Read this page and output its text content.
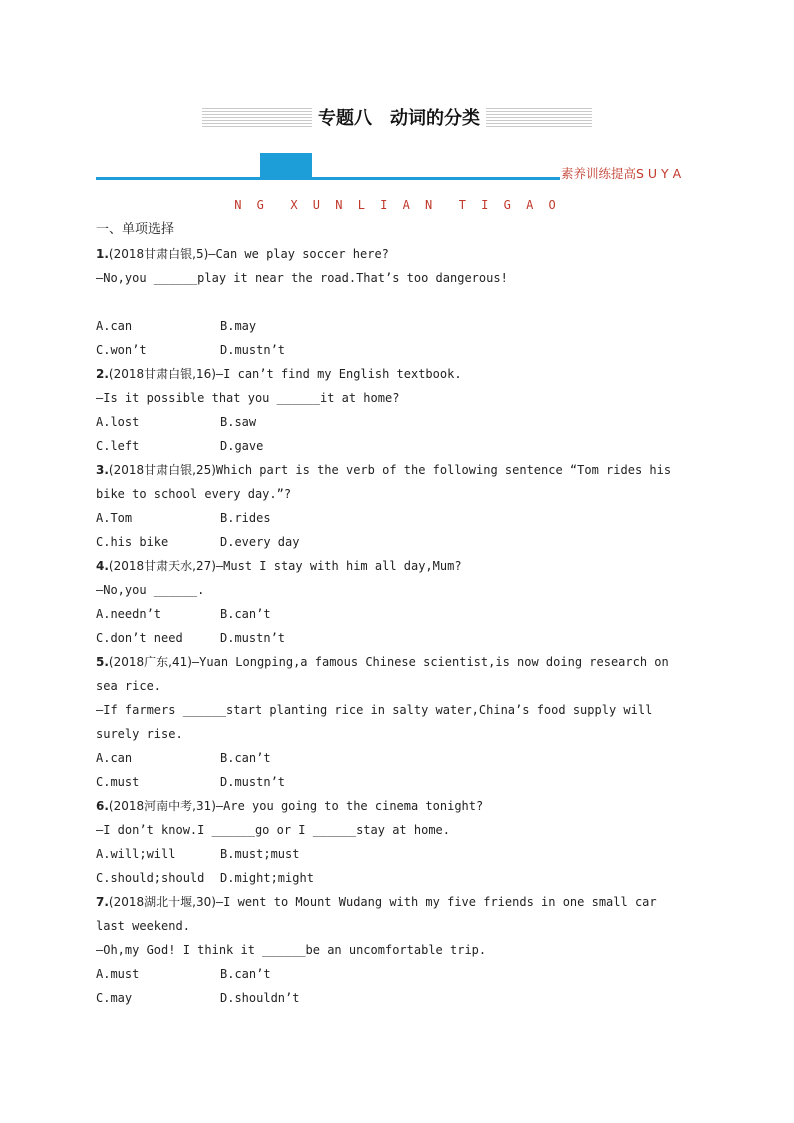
专题八　动词的分类
素养训练提高S U Y A
N G  X U N L I A N  T I G A O
一、单项选择
1.(2018甘肃白银,5)—Can we play soccer here?
—No,you ______play it near the road.That’s too dangerous!
A.can	B.may
C.won’t	D.mustn’t
2.(2018甘肃白银,16)—I can’t find my English textbook.
—Is it possible that you ______it at home?
A.lost	B.saw
C.left	D.gave
3.(2018甘肃白银,25)Which part is the verb of the following sentence “Tom rides his
bike to school every day.”?
A.Tom	B.rides
C.his bike	D.every day
4.(2018甘肃天水,27)—Must I stay with him all day,Mum?
—No,you ______.
A.needn’t	B.can’t
C.don’t need	D.mustn’t
5.(2018广东,41)—Yuan Longping,a famous Chinese scientist,is now doing research on
sea rice.
—If farmers ______start planting rice in salty water,China’s food supply will
surely rise.
A.can	B.can’t
C.must	D.mustn’t
6.(2018河南中考,31)—Are you going to the cinema tonight?
—I don’t know.I ______go or I ______stay at home.
A.will;will	B.must;must
C.should;should	D.might;might
7.(2018湖北十堰,30)—I went to Mount Wudang with my five friends in one small car
last weekend.
—Oh,my God! I think it ______be an uncomfortable trip.
A.must	B.can’t
C.may	D.shouldn’t
